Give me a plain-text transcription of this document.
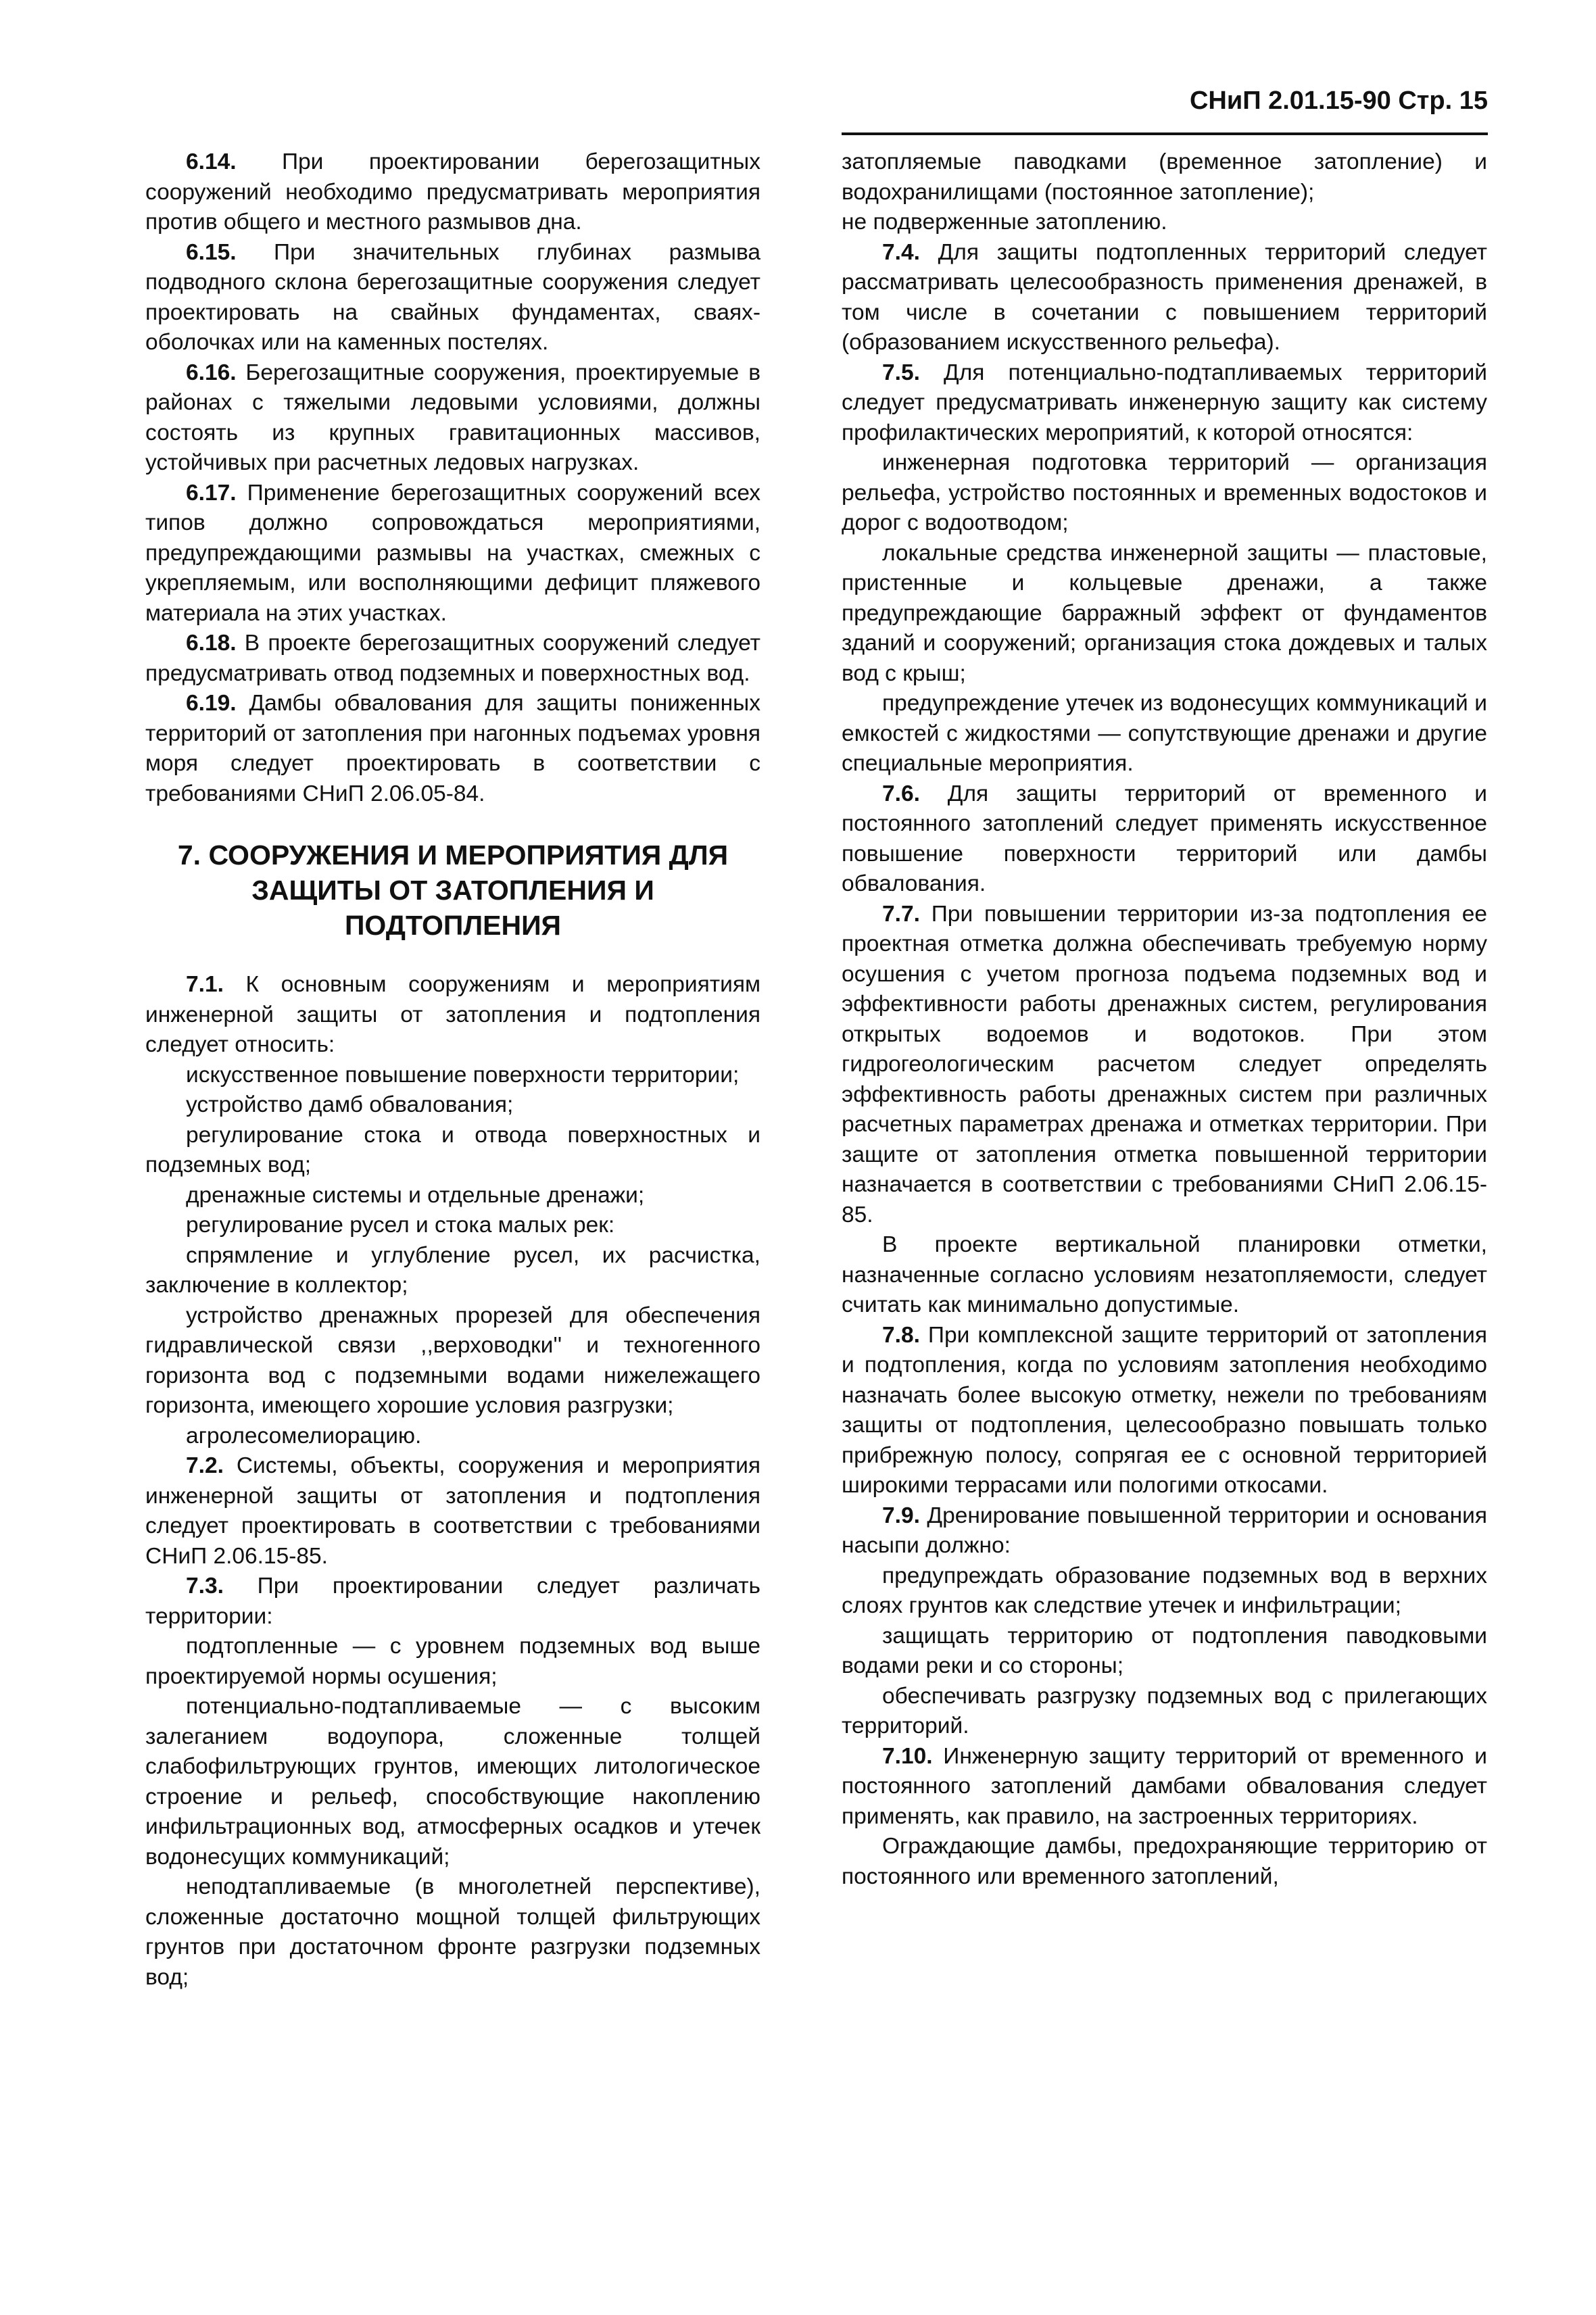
СНиП 2.01.15-90 Стр. 15

6.14. При проектировании берегозащитных сооружений необходимо предусматривать мероприятия против общего и местного размывов дна.

6.15. При значительных глубинах размыва подводного склона берегозащитные сооружения следует проектировать на свайных фундаментах, сваях-оболочках или на каменных постелях.

6.16. Берегозащитные сооружения, проектируемые в районах с тяжелыми ледовыми условиями, должны состоять из крупных гравитационных массивов, устойчивых при расчетных ледовых нагрузках.

6.17. Применение берегозащитных сооружений всех типов должно сопровождаться мероприятиями, предупреждающими размывы на участках, смежных с укрепляемым, или восполняющими дефицит пляжевого материала на этих участках.

6.18. В проекте берегозащитных сооружений следует предусматривать отвод подземных и поверхностных вод.

6.19. Дамбы обвалования для защиты пониженных территорий от затопления при нагонных подъемах уровня моря следует проектировать в соответствии с требованиями СНиП 2.06.05-84.

7. СООРУЖЕНИЯ И МЕРОПРИЯТИЯ ДЛЯ

ЗАЩИТЫ ОТ ЗАТОПЛЕНИЯ И ПОДТОПЛЕНИЯ

7.1. К основным сооружениям и мероприятиям инженерной защиты от затопления и подтопления следует относить:

искусственное повышение поверхности территории;

устройство дамб обвалования;

регулирование стока и отвода поверхностных и подземных вод;

дренажные системы и отдельные дренажи;

регулирование русел и стока малых рек:

спрямление и углубление русел, их расчистка, заключение в коллектор;

устройство дренажных прорезей для обеспечения гидравлической связи ,,верховодки'' и техногенного горизонта вод с подземными водами нижележащего горизонта, имеющего хорошие условия разгрузки;

агролесомелиорацию.

7.2. Системы, объекты, сооружения и мероприятия инженерной защиты от затопления и подтопления следует проектировать в соответствии с требованиями СНиП 2.06.15-85.

7.3. При проектировании следует различать территории:

подтопленные — с уровнем подземных вод выше проектируемой нормы осушения;

потенциально-подтапливаемые — с высоким залеганием водоупора, сложенные толщей слабофильтрующих грунтов, имеющих литологическое строение и рельеф, способствующие накоплению инфильтрационных вод, атмосферных осадков и утечек водонесущих коммуникаций;

неподтапливаемые (в многолетней перспективе), сложенные достаточно мощной толщей фильтрующих грунтов при достаточном фронте разгрузки подземных вод;

затопляемые паводками (временное затопление) и водохранилищами (постоянное затопление);

не подверженные затоплению.

7.4. Для защиты подтопленных территорий следует рассматривать целесообразность применения дренажей, в том числе в сочетании с повышением территорий (образованием искусственного рельефа).

7.5. Для потенциально-подтапливаемых территорий следует предусматривать инженерную защиту как систему профилактических мероприятий, к которой относятся:

инженерная подготовка территорий — организация рельефа, устройство постоянных и временных водостоков и дорог с водоотводом;

локальные средства инженерной защиты — пластовые, пристенные и кольцевые дренажи, а также предупреждающие барражный эффект от фундаментов зданий и сооружений; организация стока дождевых и талых вод с крыш;

предупреждение утечек из водонесущих коммуникаций и емкостей с жидкостями — сопутствующие дренажи и другие специальные мероприятия.

7.6. Для защиты территорий от временного и постоянного затоплений следует применять искусственное повышение поверхности территорий или дамбы обвалования.

7.7. При повышении территории из-за подтопления ее проектная отметка должна обеспечивать требуемую норму осушения с учетом прогноза подъема подземных вод и эффективности работы дренажных систем, регулирования открытых водоемов и водотоков. При этом гидрогеологическим расчетом следует определять эффективность работы дренажных систем при различных расчетных параметрах дренажа и отметках территории. При защите от затопления отметка повышенной территории назначается в соответствии с требованиями СНиП 2.06.15-85.

В проекте вертикальной планировки отметки, назначенные согласно условиям незатопляемости, следует считать как минимально допустимые.

7.8. При комплексной защите территорий от затопления и подтопления, когда по условиям затопления необходимо назначать более высокую отметку, нежели по требованиям защиты от подтопления, целесообразно повышать только прибрежную полосу, сопрягая ее с основной территорией широкими террасами или пологими откосами.

7.9. Дренирование повышенной территории и основания насыпи должно:

предупреждать образование подземных вод в верхних слоях грунтов как следствие утечек и инфильтрации;

защищать территорию от подтопления паводковыми водами реки и со стороны;

обеспечивать разгрузку подземных вод с прилегающих территорий.

7.10. Инженерную защиту территорий от временного и постоянного затоплений дамбами обвалования следует применять, как правило, на застроенных территориях.

Ограждающие дамбы, предохраняющие территорию от постоянного или временного затоплений,
